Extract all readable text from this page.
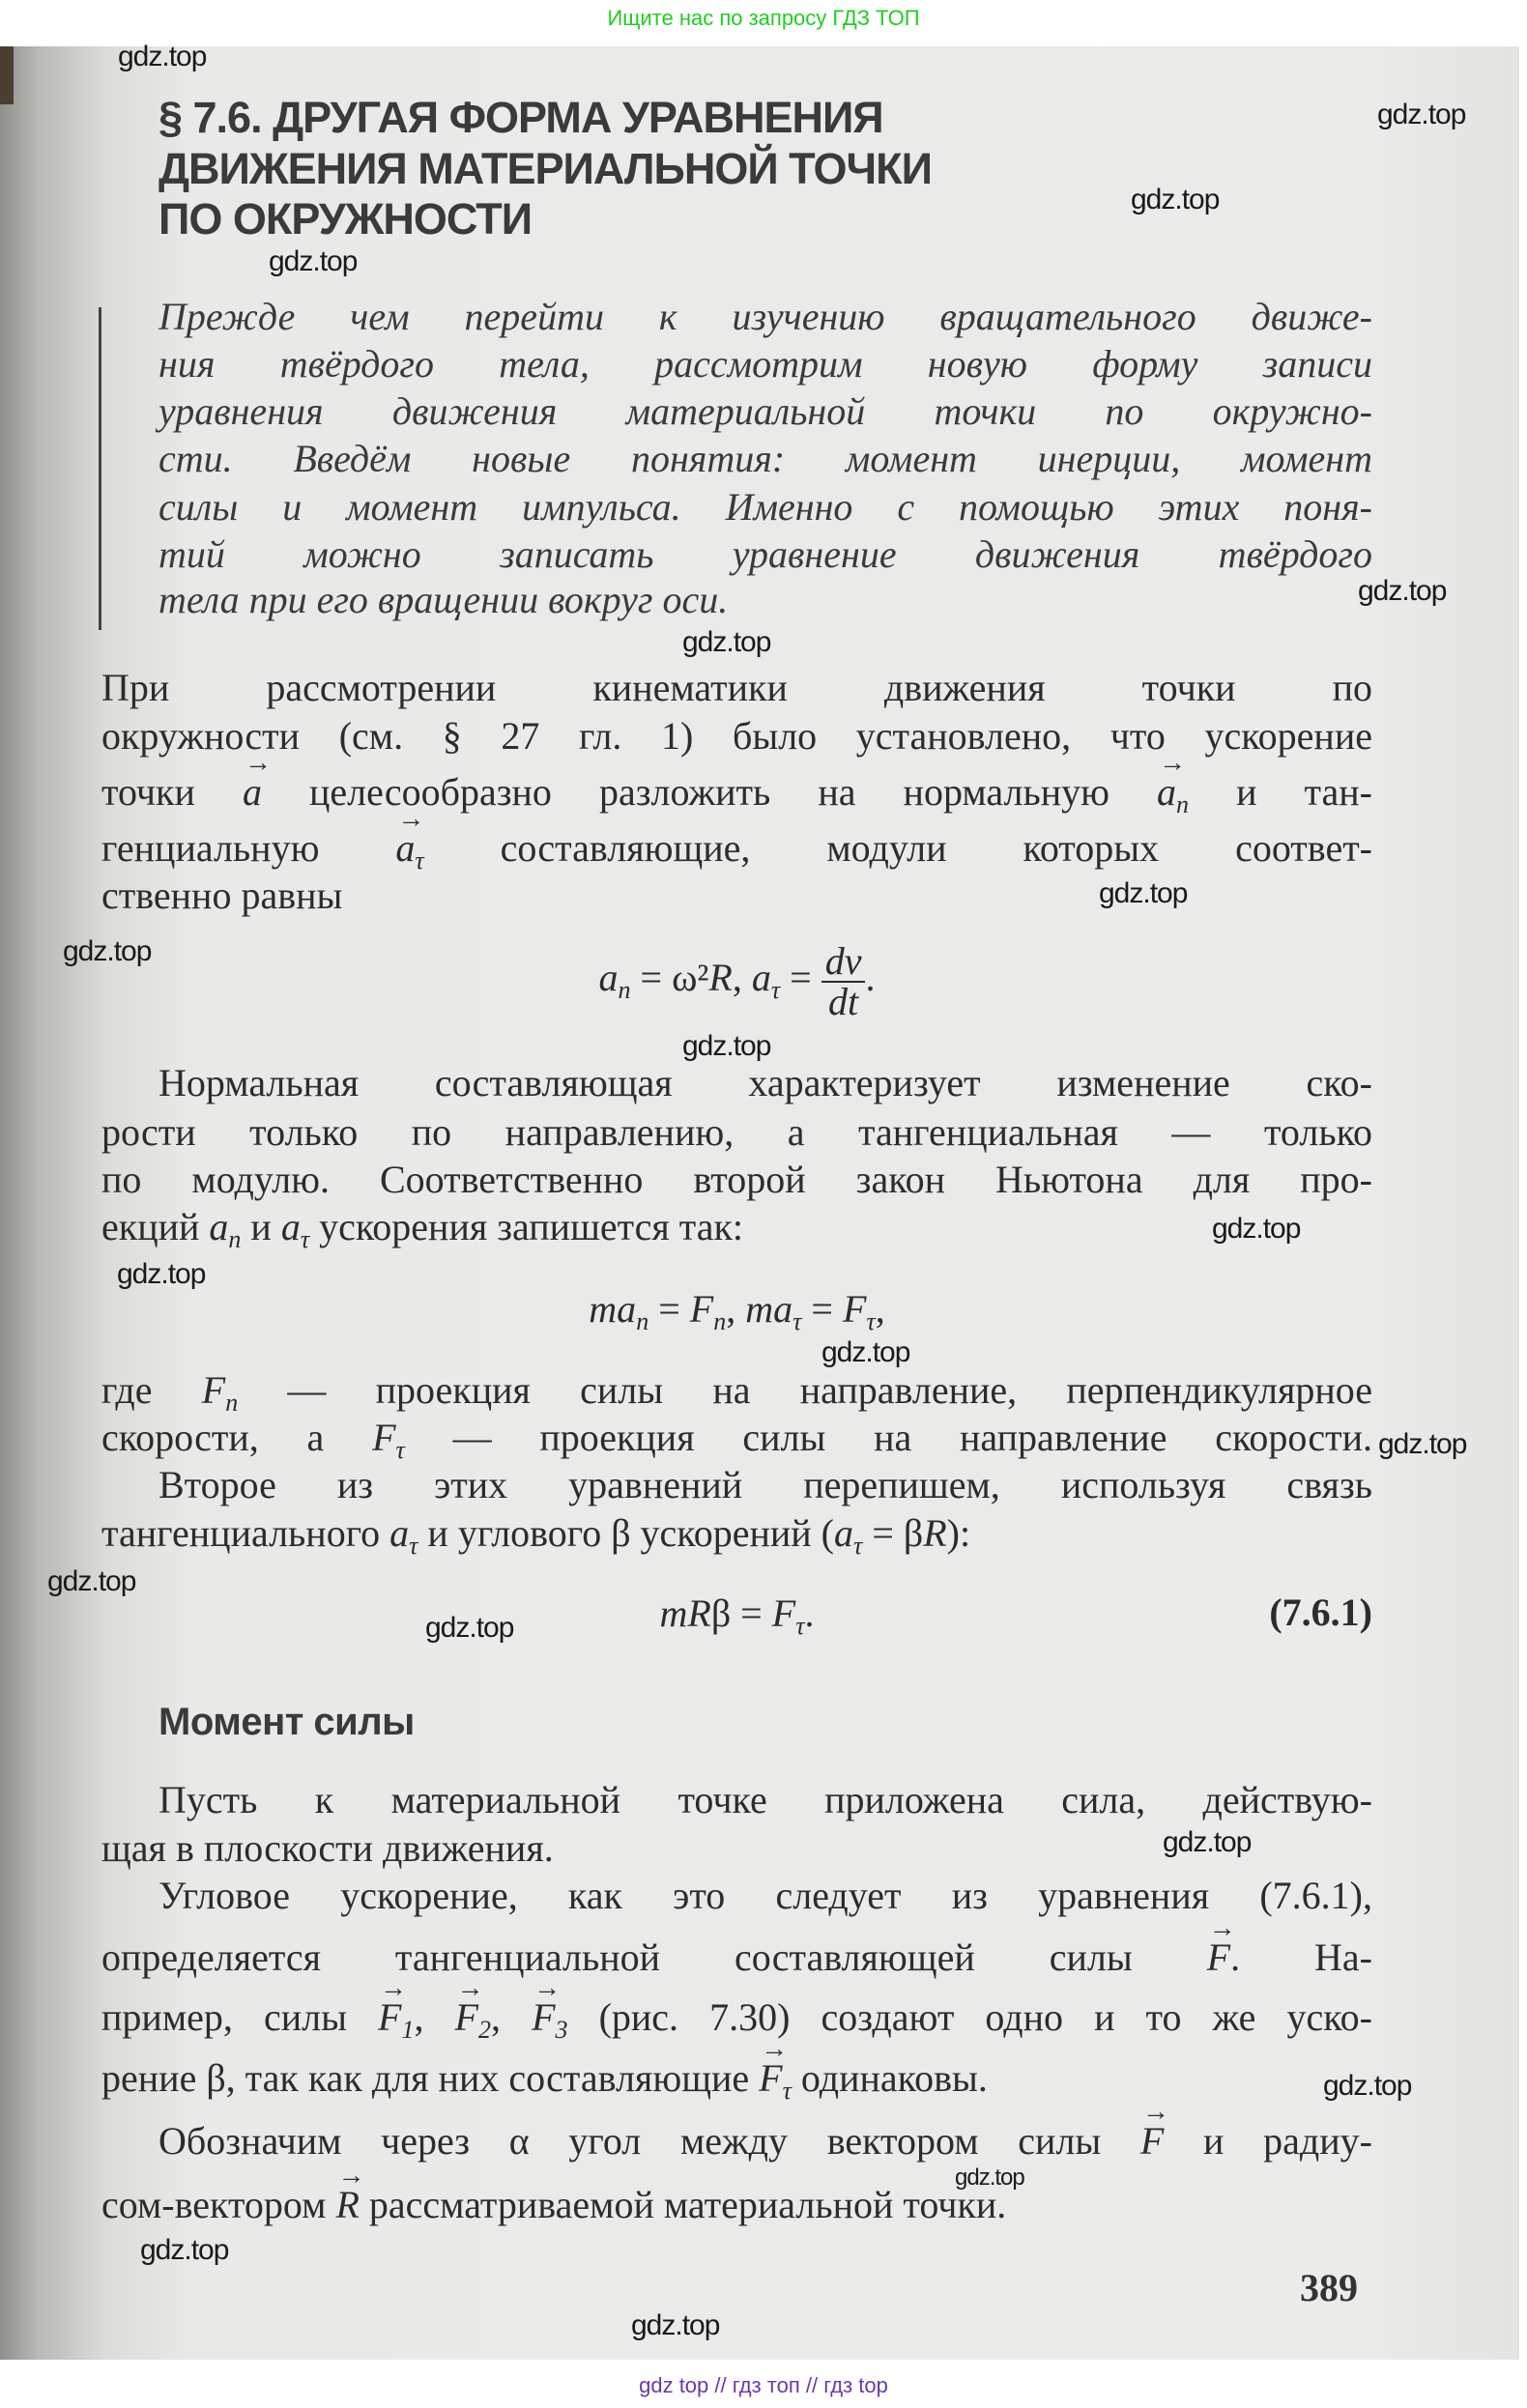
Ищите нас по запросу ГДЗ ТОП
§ 7.6. ДРУГАЯ ФОРМА УРАВНЕНИЯ
ДВИЖЕНИЯ МАТЕРИАЛЬНОЙ ТОЧКИ
ПО ОКРУЖНОСТИ
Прежде чем перейти к изучению вращательного движе-
ния твёрдого тела, рассмотрим новую форму записи
уравнения движения материальной точки по окружно-
сти. Введём новые понятия: момент инерции, момент
силы и момент импульса. Именно с помощью этих поня-
тий можно записать уравнение движения твёрдого
тела при его вращении вокруг оси.
При рассмотрении кинематики движения точки по
окружности (см. § 27 гл. 1) было установлено, что ускорение
точки → a целесообразно разложить на нормальную → $a_n$ и тан-
генциальную → $a_\tau$ составляющие, модули которых соответ-
ственно равны
$a_n = \omega^2R$, $a_\tau = \frac{dv}{dt}$ .
Нормальная составляющая характеризует изменение ско-
рости только по направлению, а тангенциальная — только
по модулю. Соответственно второй закон Ньютона для про-
екций $a_n$ и $a_\tau$ ускорения запишется так:
$ma_n = F_n$, $ma_\tau = F_\tau$,
где $F_n$ — проекция силы на направление, перпендикулярное
скорости, а $F_\tau$ — проекция силы на направление скорости.
Второе из этих уравнений перепишем, используя связь
тангенциального $a_\tau$ и углового β ускорений $(a_\tau = \beta R)$:
$mR\beta = F_\tau$.
Пусть к материальной точке приложена сила, действую-
щая в плоскости движения.
Угловое ускорение, как это следует из уравнения (7.6.1),
определяется тангенциальной составляющей силы → F. На-
пример, силы → $F_1$, → $F_2$, → $F_3$ (рис. 7.30) создают одно и то же уско-
рение β, так как для них составляющие → $F_\tau$ одинаковы.
Обозначим через α угол между вектором силы → F и радиу-
сом-вектором → R рассматриваемой материальной точки.
(7.6.1)
Момент силы
389
gdz.top
gdz.top
gdz.top
gdz.top
gdz.top
gdz.top
gdz.top
gdz.top
gdz.top
gdz.top
gdz.top
gdz.top
gdz.top
gdz.top
gdz.top
gdz.top
gdz.top
gdz.top
gdz.top
gdz.top
gdz top // гдз топ // гдз top
